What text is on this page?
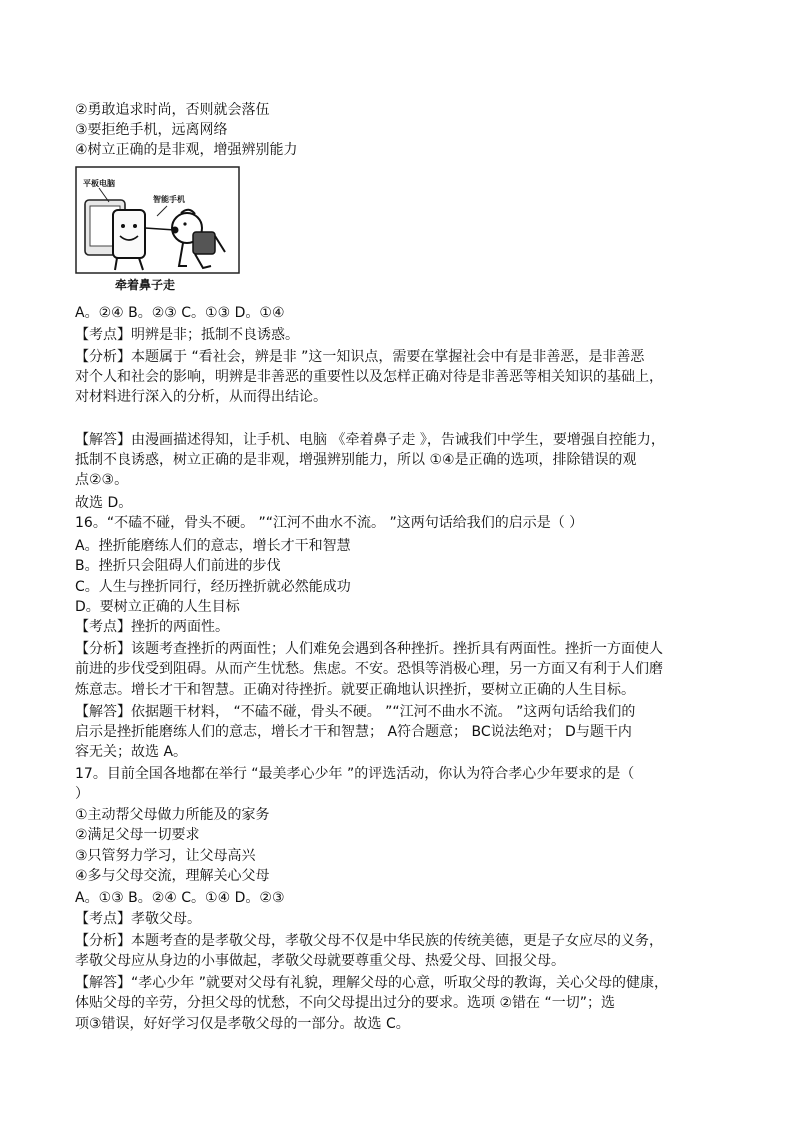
②勇敢追求时尚，否则就会落伍
③要拒绝手机，远离网络
④树立正确的是非观，增强辨别能力
平板电脑
智能手机
牵着鼻子走
A。②④ B。②③ C。①③ D。①④
【考点】明辨是非；抵制不良诱惑。
【分析】本题属于 “看社会，辨是非 ”这一知识点，需要在掌握社会中有是非善恶，是非善恶
对个人和社会的影响，明辨是非善恶的重要性以及怎样正确对待是非善恶等相关知识的基础上，
对材料进行深入的分析，从而得出结论。
【解答】由漫画描述得知，让手机、电脑 《牵着鼻子走 》，告诫我们中学生，要增强自控能力，
抵制不良诱惑，树立正确的是非观，增强辨别能力，所以 ①④是正确的选项，排除错误的观
点②③。
故选 D。
16。“不磕不碰，骨头不硬。 ”“江河不曲水不流。 ”这两句话给我们的启示是（ ）
A。挫折能磨练人们的意志，增长才干和智慧
B。挫折只会阻碍人们前进的步伐
C。人生与挫折同行，经历挫折就必然能成功
D。要树立正确的人生目标
【考点】挫折的两面性。
【分析】该题考查挫折的两面性；人们难免会遇到各种挫折。挫折具有两面性。挫折一方面使人
前进的步伐受到阻碍。从而产生忧愁。焦虑。不安。恐惧等消极心理，另一方面又有利于人们磨
炼意志。增长才干和智慧。正确对待挫折。就要正确地认识挫折，要树立正确的人生目标。
【解答】依据题干材料， “不磕不碰，骨头不硬。 ”“江河不曲水不流。 ”这两句话给我们的
启示是挫折能磨练人们的意志，增长才干和智慧； A符合题意； BC说法绝对； D与题干内
容无关；故选 A。
17。目前全国各地都在举行 “最美孝心少年 ”的评选活动，你认为符合孝心少年要求的是（
）
①主动帮父母做力所能及的家务
②满足父母一切要求
③只管努力学习，让父母高兴
④多与父母交流，理解关心父母
A。①③ B。②④ C。①④ D。②③
【考点】孝敬父母。
【分析】本题考查的是孝敬父母，孝敬父母不仅是中华民族的传统美德，更是子女应尽的义务，
孝敬父母应从身边的小事做起，孝敬父母就要尊重父母、热爱父母、回报父母。
【解答】“孝心少年 ”就要对父母有礼貌，理解父母的心意，听取父母的教诲，关心父母的健康，
体贴父母的辛劳，分担父母的忧愁，不向父母提出过分的要求。选项 ②错在 “一切”；选
项③错误，好好学习仅是孝敬父母的一部分。故选 C。
